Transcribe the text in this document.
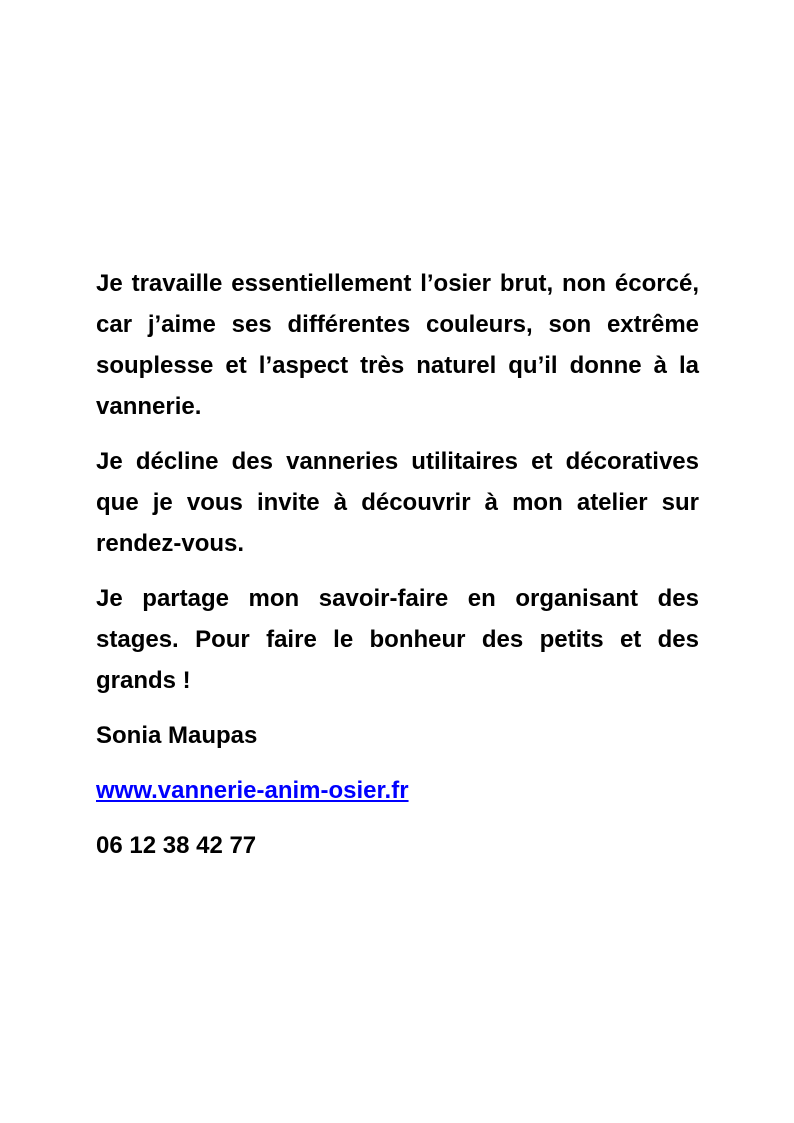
Je travaille essentiellement l’osier brut, non écorcé, car j’aime ses différentes couleurs, son extrême souplesse et l’aspect très naturel qu’il donne à la vannerie.

Je décline des vanneries utilitaires et décoratives que je vous invite à découvrir à mon atelier sur rendez-vous.

Je partage mon savoir-faire en organisant des stages. Pour faire le bonheur des petits et des grands !

Sonia Maupas
www.vannerie-anim-osier.fr
06 12 38 42 77
